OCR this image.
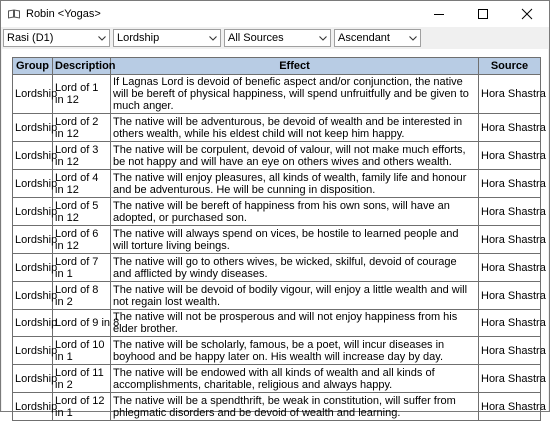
Robin <Yogas>
Rasi (D1)	Lordship	All Sources	Ascendant
Group	Description	Effect	Source
Lordship	Lord of 1 in 12	If Lagnas Lord is devoid of benefic aspect and/or conjunction, the native will be bereft of physical happiness, will spend unfruitfully and be given to much anger.	Hora Shastra
Lordship	Lord of 2 in 12	The native will be adventurous, be devoid of wealth and be interested in others wealth, while his eldest child will not keep him happy.	Hora Shastra
Lordship	Lord of 3 in 12	The native will be corpulent, devoid of valour, will not make much efforts, be not happy and will have an eye on others wives and others wealth.	Hora Shastra
Lordship	Lord of 4 in 12	The native will enjoy pleasures, all kinds of wealth, family life and honour and be adventurous. He will be cunning in disposition.	Hora Shastra
Lordship	Lord of 5 in 12	The native will be bereft of happiness from his own sons, will have an adopted, or purchased son.	Hora Shastra
Lordship	Lord of 6 in 12	The native will always spend on vices, be hostile to learned people and will torture living beings.	Hora Shastra
Lordship	Lord of 7 in 1	The native will go to others wives, be wicked, skilful, devoid of courage and afflicted by windy diseases.	Hora Shastra
Lordship	Lord of 8 in 2	The native will be devoid of bodily vigour, will enjoy a little wealth and will not regain lost wealth.	Hora Shastra
Lordship	Lord of 9 in 8	The native will not be prosperous and will not enjoy happiness from his elder brother.	Hora Shastra
Lordship	Lord of 10 in 1	The native will be scholarly, famous, be a poet, will incur diseases in boyhood and be happy later on. His wealth will increase day by day.	Hora Shastra
Lordship	Lord of 11 in 2	The native will be endowed with all kinds of wealth and all kinds of accomplishments, charitable, religious and always happy.	Hora Shastra
Lordship	Lord of 12 in 1	The native will be a spendthrift, be weak in constitution, will suffer from phlegmatic disorders and be devoid of wealth and learning.	Hora Shastra
